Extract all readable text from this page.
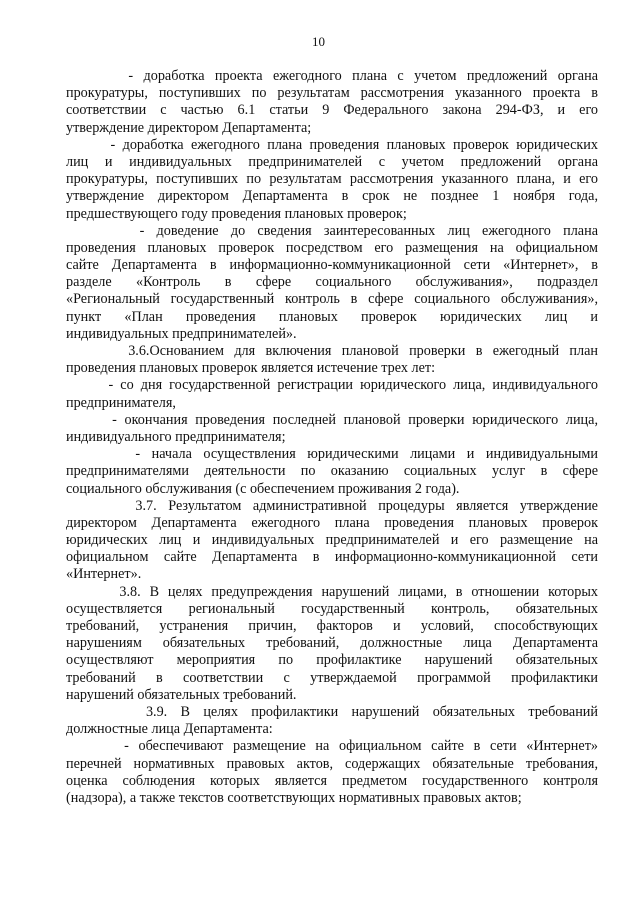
10
- доработка проекта ежегодного плана с учетом предложений органа
прокуратуры, поступивших по результатам рассмотрения указанного проекта в
соответствии с частью 6.1 статьи 9 Федерального закона 294-ФЗ, и его
утверждение директором Департамента;
- доработка ежегодного плана проведения плановых проверок юридических
лиц и индивидуальных предпринимателей с учетом предложений органа
прокуратуры, поступивших по результатам рассмотрения указанного плана, и его
утверждение директором Департамента в срок не позднее 1 ноября года,
предшествующего году проведения плановых проверок;
- доведение до сведения заинтересованных лиц ежегодного плана
проведения плановых проверок посредством его размещения на официальном
сайте Департамента в информационно-коммуникационной сети «Интернет», в
разделе «Контроль в сфере социального обслуживания», подраздел
«Региональный государственный контроль в сфере социального обслуживания»,
пункт «План проведения плановых проверок юридических лиц и
индивидуальных предпринимателей».
3.6.Основанием для включения плановой проверки в ежегодный план
проведения плановых проверок является истечение трех лет:
- со дня государственной регистрации юридического лица, индивидуального
предпринимателя,
- окончания проведения последней плановой проверки юридического лица,
индивидуального предпринимателя;
- начала осуществления юридическими лицами и индивидуальными
предпринимателями деятельности по оказанию социальных услуг в сфере
социального обслуживания (с обеспечением проживания 2 года).
3.7. Результатом административной процедуры является утверждение
директором Департамента ежегодного плана проведения плановых проверок
юридических лиц и индивидуальных предпринимателей и его размещение на
официальном сайте Департамента в информационно-коммуникационной сети
«Интернет».
3.8. В целях предупреждения нарушений лицами, в отношении которых
осуществляется региональный государственный контроль, обязательных
требований, устранения причин, факторов и условий, способствующих
нарушениям обязательных требований, должностные лица Департамента
осуществляют мероприятия по профилактике нарушений обязательных
требований в соответствии с утверждаемой программой профилактики
нарушений обязательных требований.
3.9. В целях профилактики нарушений обязательных требований
должностные лица Департамента:
- обеспечивают размещение на официальном сайте в сети «Интернет»
перечней нормативных правовых актов, содержащих обязательные требования,
оценка соблюдения которых является предметом государственного контроля
(надзора), а также текстов соответствующих нормативных правовых актов;
